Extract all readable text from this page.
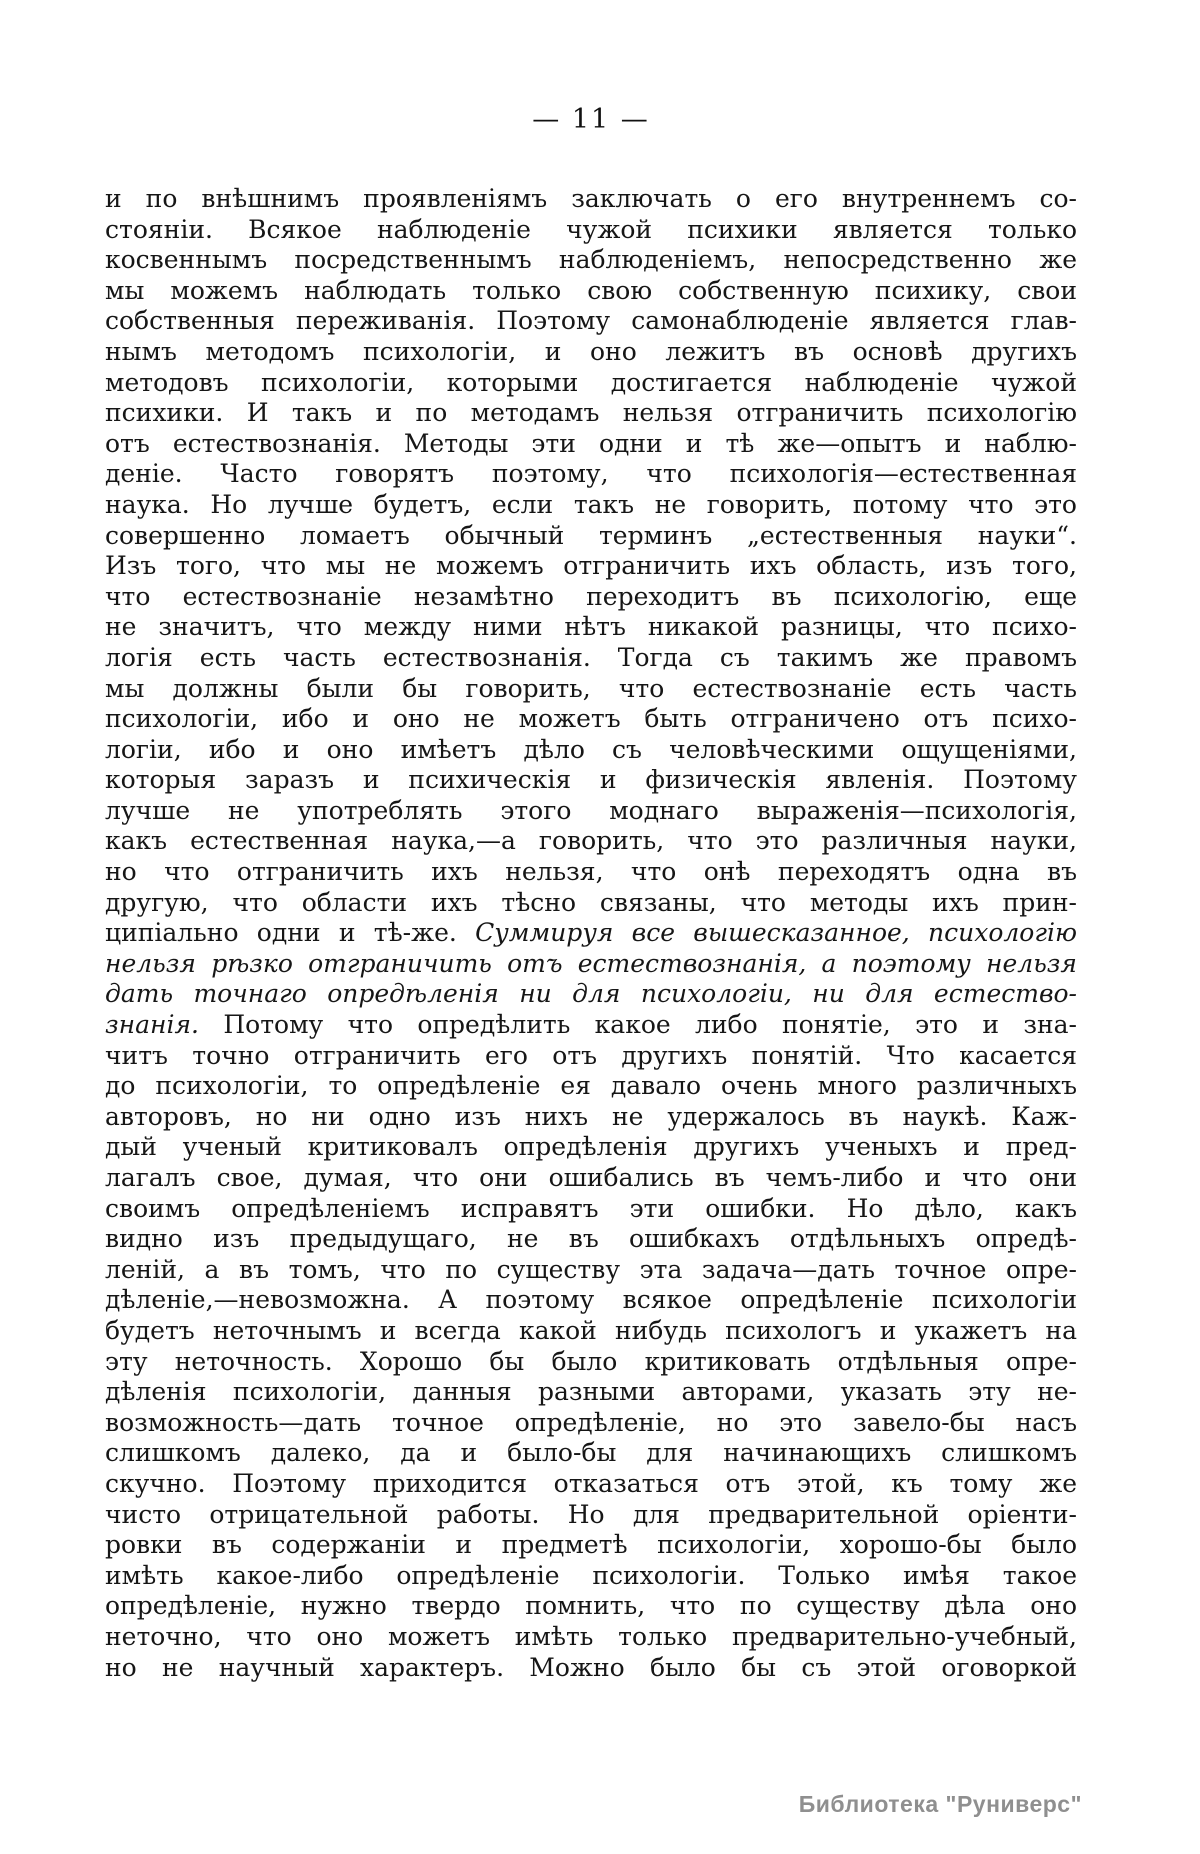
— 11 —
и по внѣшнимъ проявленіямъ заключать о его внутреннемъ со-
стояніи. Всякое наблюденіе чужой психики является только
косвеннымъ посредственнымъ наблюденіемъ, непосредственно же
мы можемъ наблюдать только свою собственную психику, свои
собственныя переживанія. Поэтому самонаблюденіе является глав-
нымъ методомъ психологіи, и оно лежитъ въ основѣ другихъ
методовъ психологіи, которыми достигается наблюденіе чужой
психики. И такъ и по методамъ нельзя отграничить психологію
отъ естествознанія. Методы эти одни и тѣ же—опытъ и наблю-
деніе. Часто говорятъ поэтому, что психологія—естественная
наука. Но лучше будетъ, если такъ не говорить, потому что это
совершенно ломаетъ обычный терминъ „естественныя науки“.
Изъ того, что мы не можемъ отграничить ихъ область, изъ того,
что естествознаніе незамѣтно переходитъ въ психологію, еще
не значитъ, что между ними нѣтъ никакой разницы, что психо-
логія есть часть естествознанія. Тогда съ такимъ же правомъ
мы должны были бы говорить, что естествознаніе есть часть
психологіи, ибо и оно не можетъ быть отграничено отъ психо-
логіи, ибо и оно имѣетъ дѣло съ человѣческими ощущеніями,
которыя заразъ и психическія и физическія явленія. Поэтому
лучше не употреблять этого моднаго выраженія—психологія,
какъ естественная наука,—а говорить, что это различныя науки,
но что отграничить ихъ нельзя, что онѣ переходятъ одна въ
другую, что области ихъ тѣсно связаны, что методы ихъ прин-
ципіально одни и тѣ-же. Суммируя все вышесказанное, психологію
нельзя рѣзко отграничить отъ естествознанія, а поэтому нельзя
дать точнаго опредѣленія ни для психологіи, ни для естество-
знанія. Потому что опредѣлить какое либо понятіе, это и зна-
читъ точно отграничить его отъ другихъ понятій. Что касается
до психологіи, то опредѣленіе ея давало очень много различныхъ
авторовъ, но ни одно изъ нихъ не удержалось въ наукѣ. Каж-
дый ученый критиковалъ опредѣленія другихъ ученыхъ и пред-
лагалъ свое, думая, что они ошибались въ чемъ-либо и что они
своимъ опредѣленіемъ исправятъ эти ошибки. Но дѣло, какъ
видно изъ предыдущаго, не въ ошибкахъ отдѣльныхъ опредѣ-
леній, а въ томъ, что по существу эта задача—дать точное опре-
дѣленіе,—невозможна. А поэтому всякое опредѣленіе психологіи
будетъ неточнымъ и всегда какой нибудь психологъ и укажетъ на
эту неточность. Хорошо бы было критиковать отдѣльныя опре-
дѣленія психологіи, данныя разными авторами, указать эту не-
возможность—дать точное опредѣленіе, но это завело-бы насъ
слишкомъ далеко, да и было-бы для начинающихъ слишкомъ
скучно. Поэтому приходится отказаться отъ этой, къ тому же
чисто отрицательной работы. Но для предварительной оріенти-
ровки въ содержаніи и предметѣ психологіи, хорошо-бы было
имѣть какое-либо опредѣленіе психологіи. Только имѣя такое
опредѣленіе, нужно твердо помнить, что по существу дѣла оно
неточно, что оно можетъ имѣть только предварительно-учебный,
но не научный характеръ. Можно было бы съ этой оговоркой
Библиотека "Руниверс"
